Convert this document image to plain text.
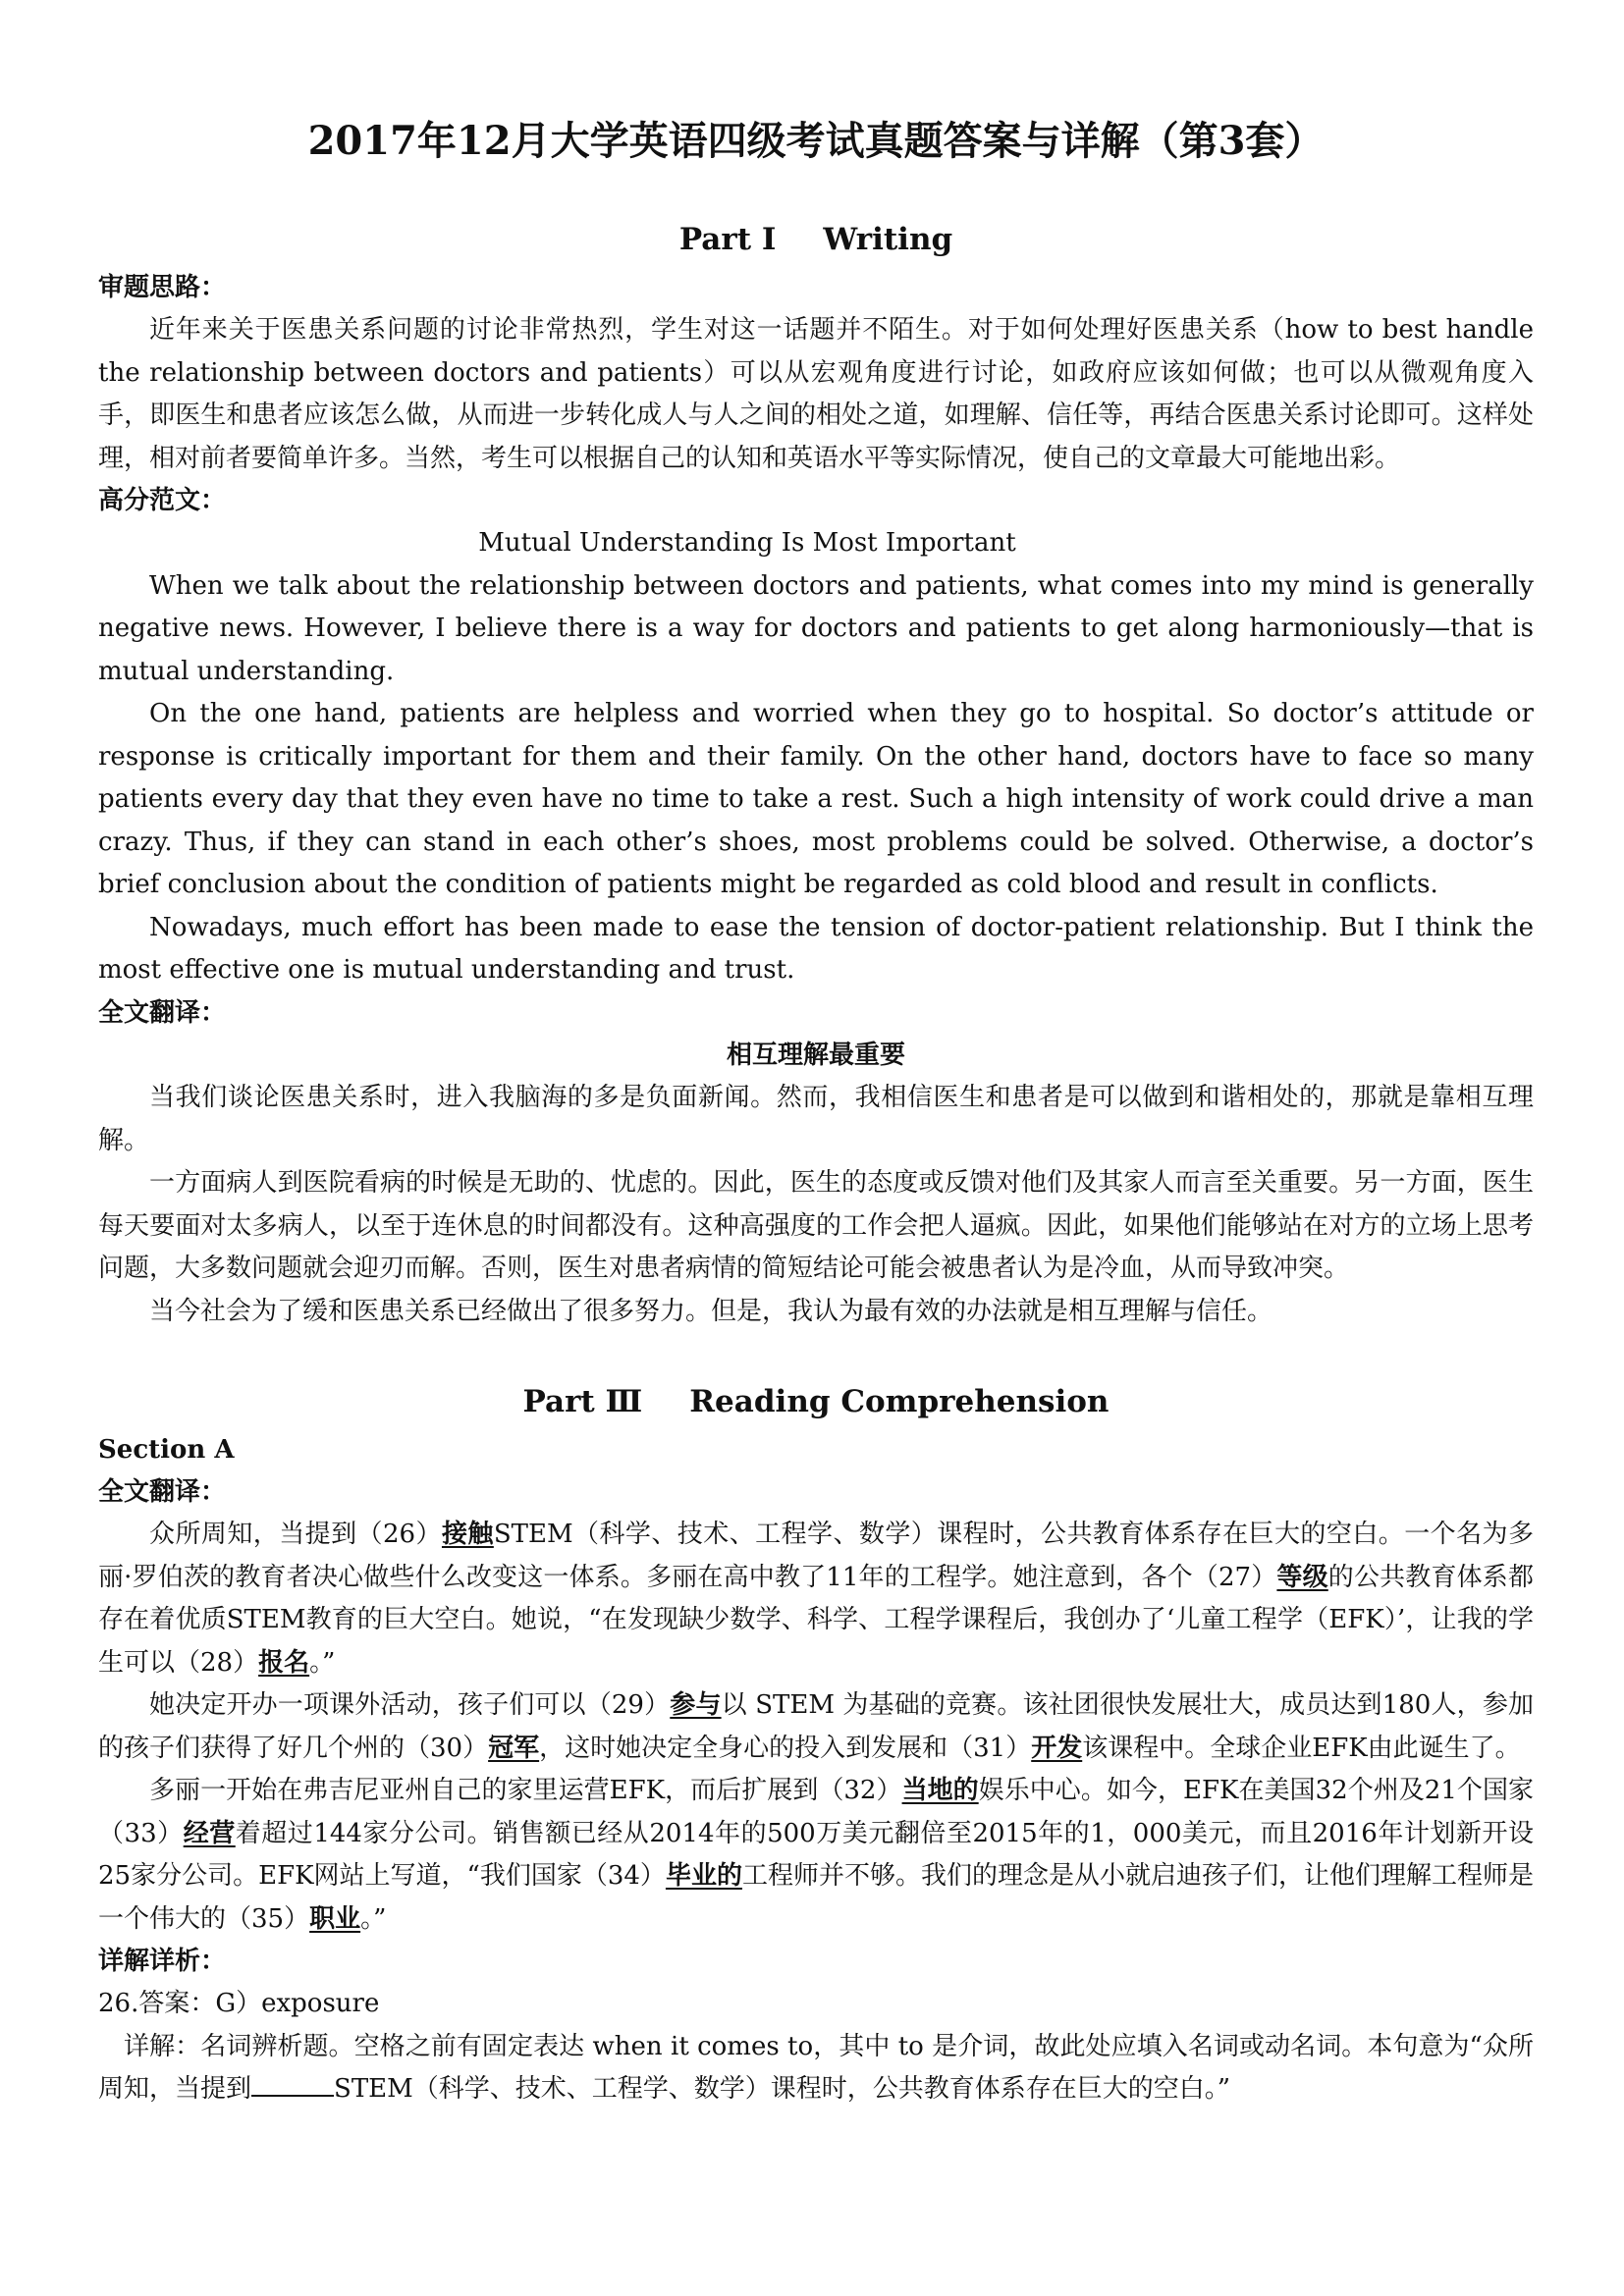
2017年12月大学英语四级考试真题答案与详解（第3套）
Part I Writing
审题思路：

近年来关于医患关系问题的讨论非常热烈，学生对这一话题并不陌生。对于如何处理好医患关系（how to best handle the relationship between doctors and patients）可以从宏观角度进行讨论，如政府应该如何做；也可以从微观角度入手，即医生和患者应该怎么做，从而进一步转化成人与人之间的相处之道，如理解、信任等，再结合医患关系讨论即可。这样处理，相对前者要简单许多。当然，考生可以根据自己的认知和英语水平等实际情况，使自己的文章最大可能地出彩。

高分范文：
Mutual Understanding Is Most Important

When we talk about the relationship between doctors and patients, what comes into my mind is generally negative news. However, I believe there is a way for doctors and patients to get along harmoniously—that is mutual understanding.

On the one hand, patients are helpless and worried when they go to hospital. So doctor’s attitude or response is critically important for them and their family. On the other hand, doctors have to face so many patients every day that they even have no time to take a rest. Such a high intensity of work could drive a man crazy. Thus, if they can stand in each other’s shoes, most problems could be solved. Otherwise, a doctor’s brief conclusion about the condition of patients might be regarded as cold blood and result in conflicts.

Nowadays, much effort has been made to ease the tension of doctor-patient relationship. But I think the most effective one is mutual understanding and trust.

全文翻译：
相互理解最重要

当我们谈论医患关系时，进入我脑海的多是负面新闻。然而，我相信医生和患者是可以做到和谐相处的，那就是靠相互理解。

一方面病人到医院看病的时候是无助的、忧虑的。因此，医生的态度或反馈对他们及其家人而言至关重要。另一方面，医生每天要面对太多病人，以至于连休息的时间都没有。这种高强度的工作会把人逼疯。因此，如果他们能够站在对方的立场上思考问题，大多数问题就会迎刃而解。否则，医生对患者病情的简短结论可能会被患者认为是冷血，从而导致冲突。

当今社会为了缓和医患关系已经做出了很多努力。但是，我认为最有效的办法就是相互理解与信任。

Part Ⅲ Reading Comprehension
Section A
全文翻译：

众所周知，当提到（26）接触STEM（科学、技术、工程学、数学）课程时，公共教育体系存在巨大的空白。一个名为多丽·罗伯茨的教育者决心做些什么改变这一体系。多丽在高中教了11年的工程学。她注意到，各个（27）等级的公共教育体系都存在着优质STEM教育的巨大空白。她说，“在发现缺少数学、科学、工程学课程后，我创办了‘儿童工程学（EFK）’，让我的学生可以（28）报名。”

她决定开办一项课外活动，孩子们可以（29）参与以 STEM 为基础的竞赛。该社团很快发展壮大，成员达到180人，参加的孩子们获得了好几个州的（30）冠军，这时她决定全身心的投入到发展和（31）开发该课程中。全球企业EFK由此诞生了。

多丽一开始在弗吉尼亚州自己的家里运营EFK，而后扩展到（32）当地的娱乐中心。如今，EFK在美国32个州及21个国家（33）经营着超过144家分公司。销售额已经从2014年的500万美元翻倍至2015年的1，000美元，而且2016年计划新开设25家分公司。EFK网站上写道，“我们国家（34）毕业的工程师并不够。我们的理念是从小就启迪孩子们，让他们理解工程师是一个伟大的（35）职业。”

详解详析：
26.答案：G）exposure

详解：名词辨析题。空格之前有固定表达 when it comes to，其中 to 是介词，故此处应填入名词或动名词。本句意为“众所周知，当提到	STEM（科学、技术、工程学、数学）课程时，公共教育体系存在巨大的空白。”
